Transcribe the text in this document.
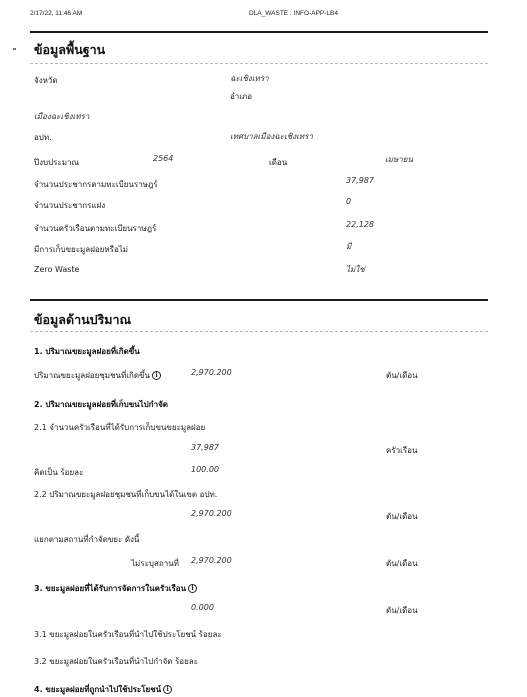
2/17/22, 11:46 AM	DLA_WASTE : INFO-APP-LB4
ข้อมูลพื้นฐาน
จังหวัด	ฉะเชิงเทรา
อำเภอ
เมืองฉะเชิงเทรา
อปท.	เทศบาลเมืองฉะเชิงเทรา
ปีงบประมาณ	2564	เดือน	เมษายน
จำนวนประชากรตามทะเบียนราษฎร์	37,987
จำนวนประชากรแฝง	0
จำนวนครัวเรือนตามทะเบียนราษฎร์	22,128
มีการเก็บขยะมูลฝอยหรือไม่	มี
Zero Waste	ไม่ใช่
ข้อมูลด้านปริมาณ
1. ปริมาณขยะมูลฝอยที่เกิดขึ้น
ปริมาณขยะมูลฝอยชุมชนที่เกิดขึ้น i	2,970.200	ตัน/เดือน
2. ปริมาณขยะมูลฝอยที่เก็บขนไปกำจัด
2.1 จำนวนครัวเรือนที่ได้รับการเก็บขนขยะมูลฝอย
37,987	ครัวเรือน
คิดเป็น ร้อยละ	100.00
2.2 ปริมาณขยะมูลฝอยชุมชนที่เก็บขนได้ในเขต อปท.
2,970.200	ตัน/เดือน
แยกตามสถานที่กำจัดขยะ ดังนี้
ไม่ระบุสถานที่ 2,970.200	ตัน/เดือน
3. ขยะมูลฝอยที่ได้รับการจัดการในครัวเรือน i
0.000	ตัน/เดือน
3.1 ขยะมูลฝอยในครัวเรือนที่นำไปใช้ประโยชน์ ร้อยละ
3.2 ขยะมูลฝอยในครัวเรือนที่นำไปกำจัด ร้อยละ
4. ขยะมูลฝอยที่ถูกนำไปใช้ประโยชน์ i
